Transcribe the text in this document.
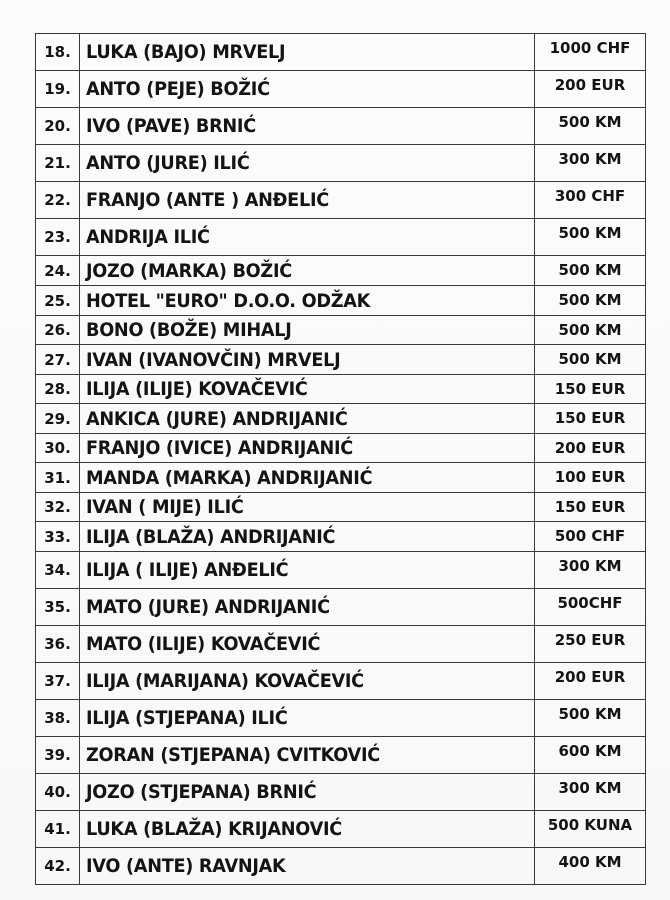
18.	LUKA (BAJO) MRVELJ	1000 CHF
19.	ANTO (PEJE) BOŽIĆ	200 EUR
20.	IVO (PAVE) BRNIĆ	500 KM
21.	ANTO (JURE) ILIĆ	300 KM
22.	FRANJO (ANTE ) ANĐELIĆ	300 CHF
23.	ANDRIJA ILIĆ	500 KM
24.	JOZO (MARKA) BOŽIĆ	500 KM
25.	HOTEL "EURO" D.O.O. ODŽAK	500 KM
26.	BONO (BOŽE) MIHALJ	500 KM
27.	IVAN (IVANOVČIN) MRVELJ	500 KM
28.	ILIJA (ILIJE) KOVAČEVIĆ	150 EUR
29.	ANKICA (JURE) ANDRIJANIĆ	150 EUR
30.	FRANJO (IVICE) ANDRIJANIĆ	200 EUR
31.	MANDA (MARKA) ANDRIJANIĆ	100 EUR
32.	IVAN ( MIJE) ILIĆ	150 EUR
33.	ILIJA (BLAŽA) ANDRIJANIĆ	500 CHF
34.	ILIJA ( ILIJE) ANĐELIĆ	300 KM
35.	MATO (JURE) ANDRIJANIĆ	500CHF
36.	MATO (ILIJE) KOVAČEVIĆ	250 EUR
37.	ILIJA (MARIJANA) KOVAČEVIĆ	200 EUR
38.	ILIJA (STJEPANA) ILIĆ	500 KM
39.	ZORAN (STJEPANA) CVITKOVIĆ	600 KM
40.	JOZO (STJEPANA) BRNIĆ	300 KM
41.	LUKA (BLAŽA) KRIJANOVIĆ	500 KUNA
42.	IVO (ANTE) RAVNJAK	400 KM
